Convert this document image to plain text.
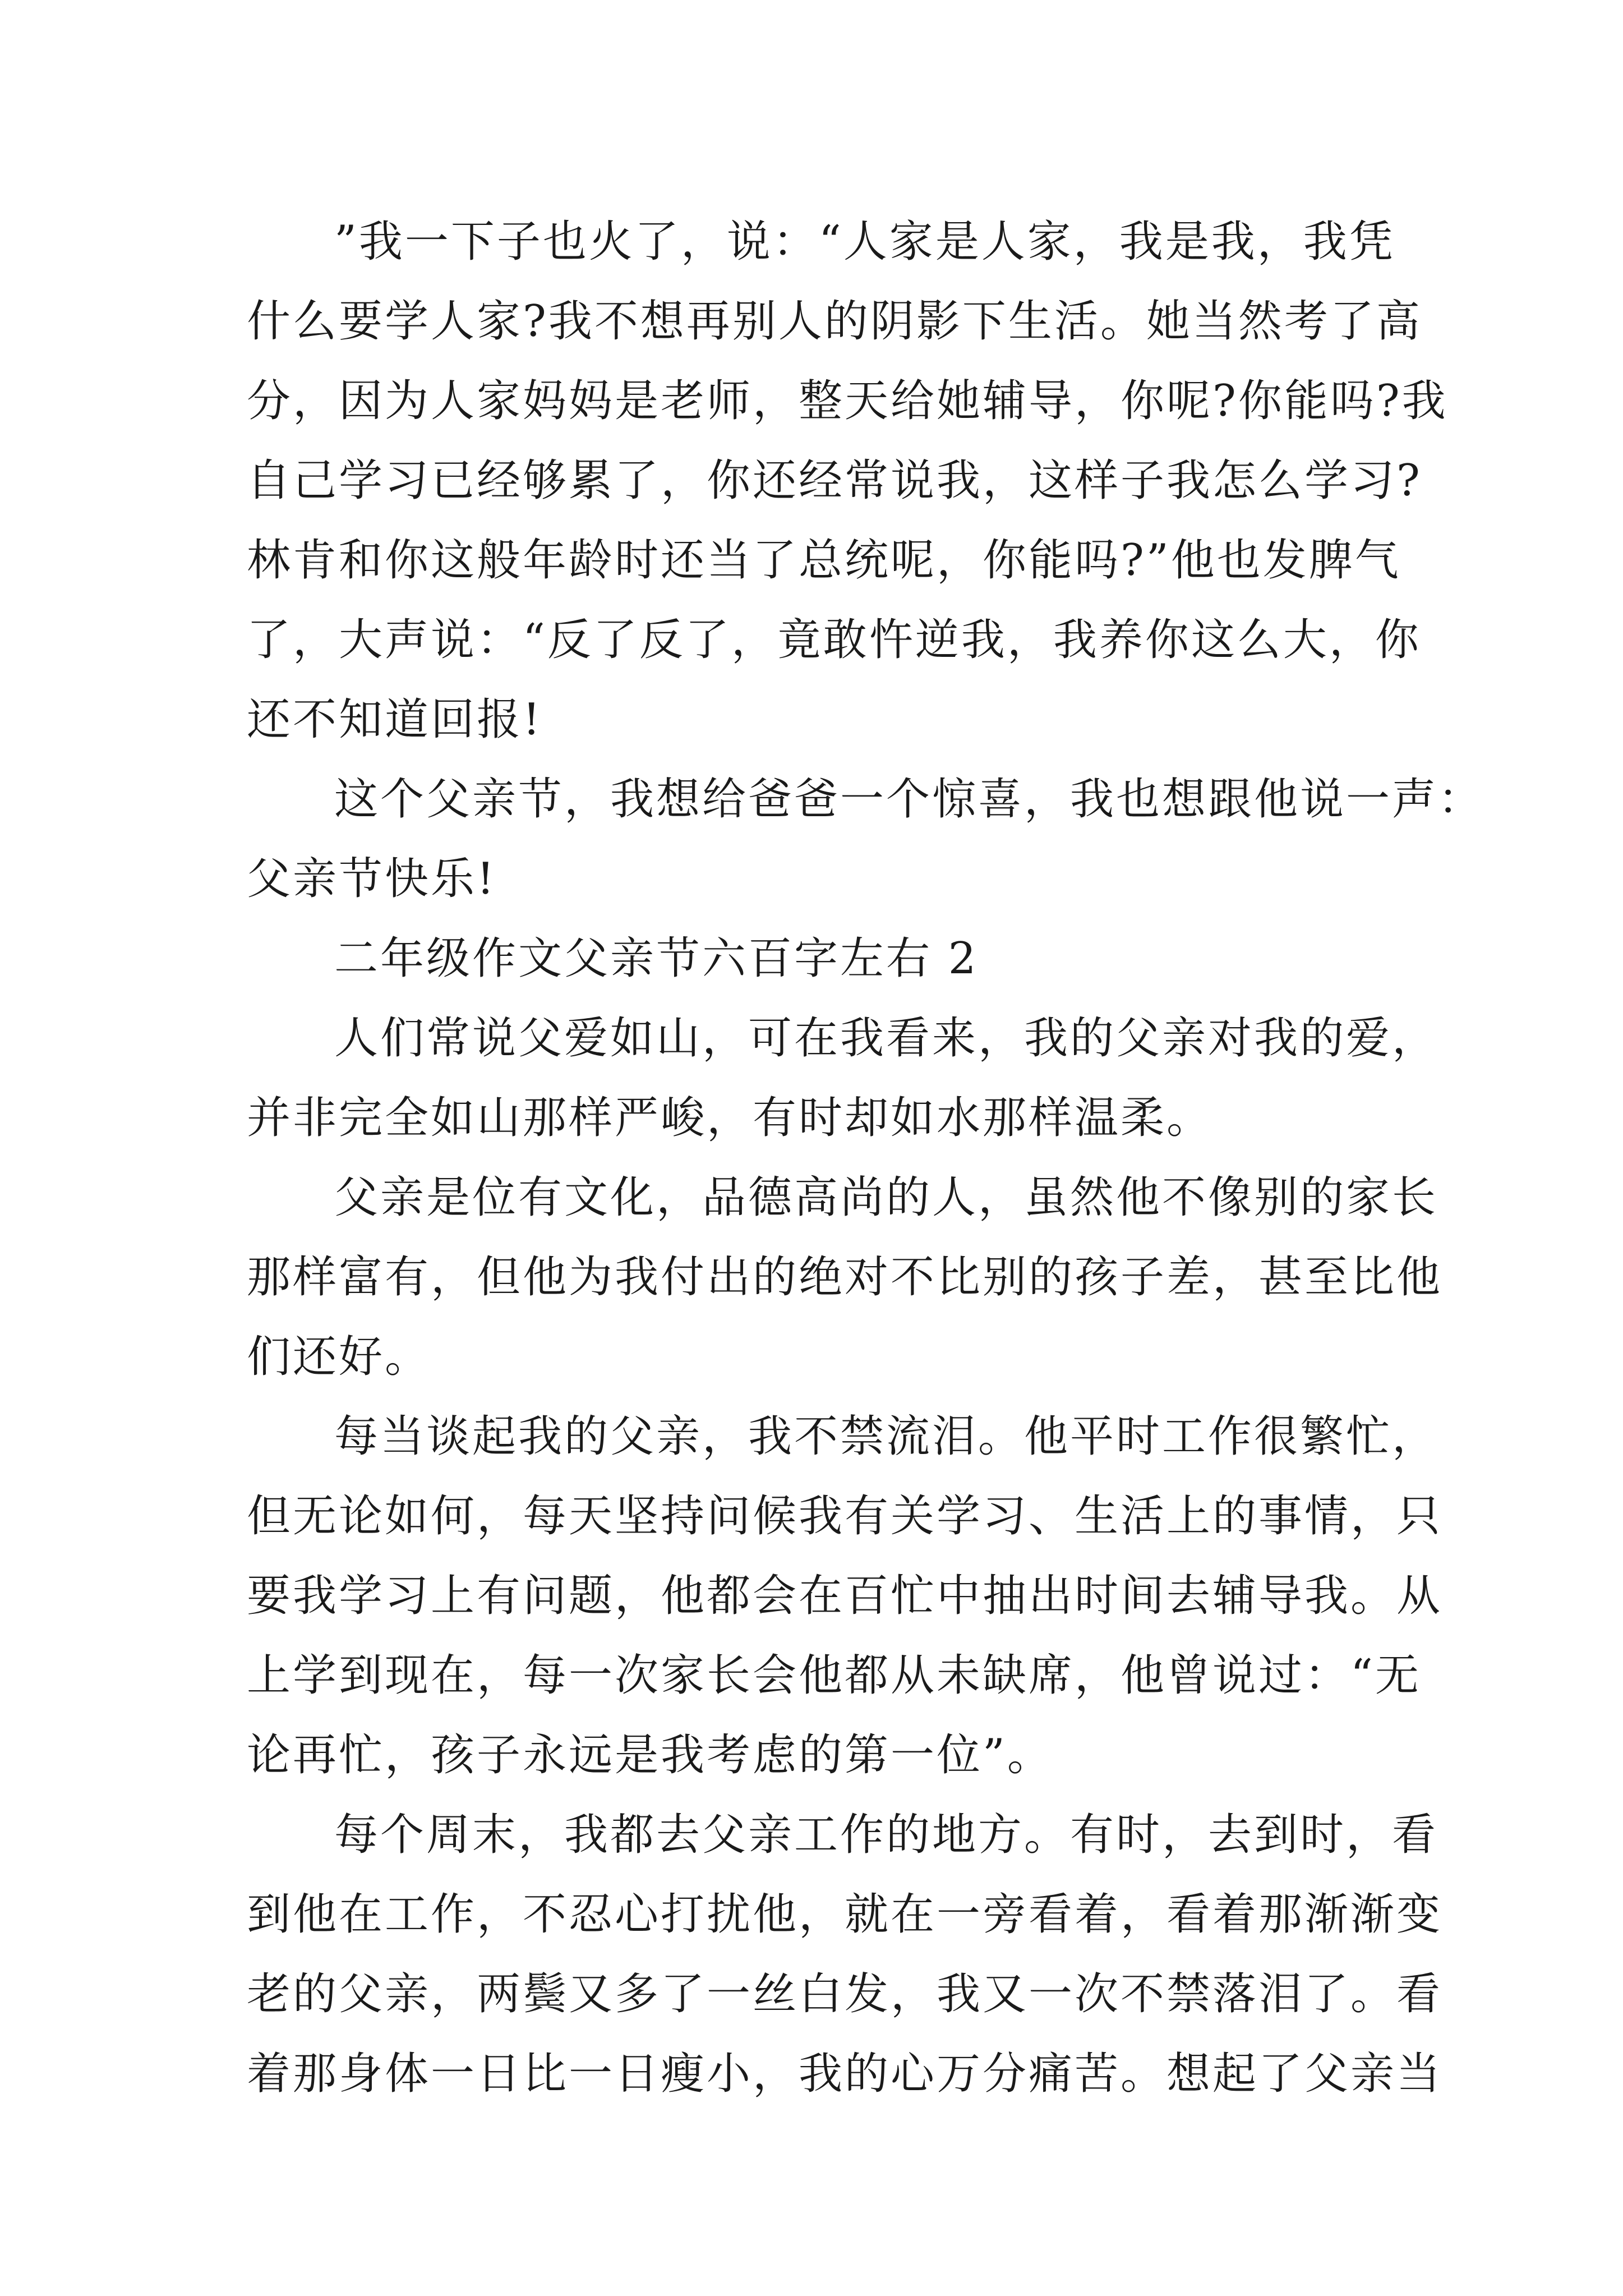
”我一下子也火了，说：“人家是人家，我是我，我凭
什么要学人家?我不想再别人的阴影下生活。她当然考了高
分，因为人家妈妈是老师，整天给她辅导，你呢?你能吗?我
自己学习已经够累了，你还经常说我，这样子我怎么学习?
林肯和你这般年龄时还当了总统呢，你能吗?”他也发脾气
了，大声说：“反了反了，竟敢忤逆我，我养你这么大，你
还不知道回报!
这个父亲节，我想给爸爸一个惊喜，我也想跟他说一声：
父亲节快乐!
二年级作文父亲节六百字左右 2
人们常说父爱如山，可在我看来，我的父亲对我的爱，
并非完全如山那样严峻，有时却如水那样温柔。
父亲是位有文化，品德高尚的人，虽然他不像别的家长
那样富有，但他为我付出的绝对不比别的孩子差，甚至比他
们还好。
每当谈起我的父亲，我不禁流泪。他平时工作很繁忙，
但无论如何，每天坚持问候我有关学习、生活上的事情，只
要我学习上有问题，他都会在百忙中抽出时间去辅导我。从
上学到现在，每一次家长会他都从未缺席，他曾说过：“无
论再忙，孩子永远是我考虑的第一位”。
每个周末，我都去父亲工作的地方。有时，去到时，看
到他在工作，不忍心打扰他，就在一旁看着，看着那渐渐变
老的父亲，两鬓又多了一丝白发，我又一次不禁落泪了。看
着那身体一日比一日瘦小，我的心万分痛苦。想起了父亲当
